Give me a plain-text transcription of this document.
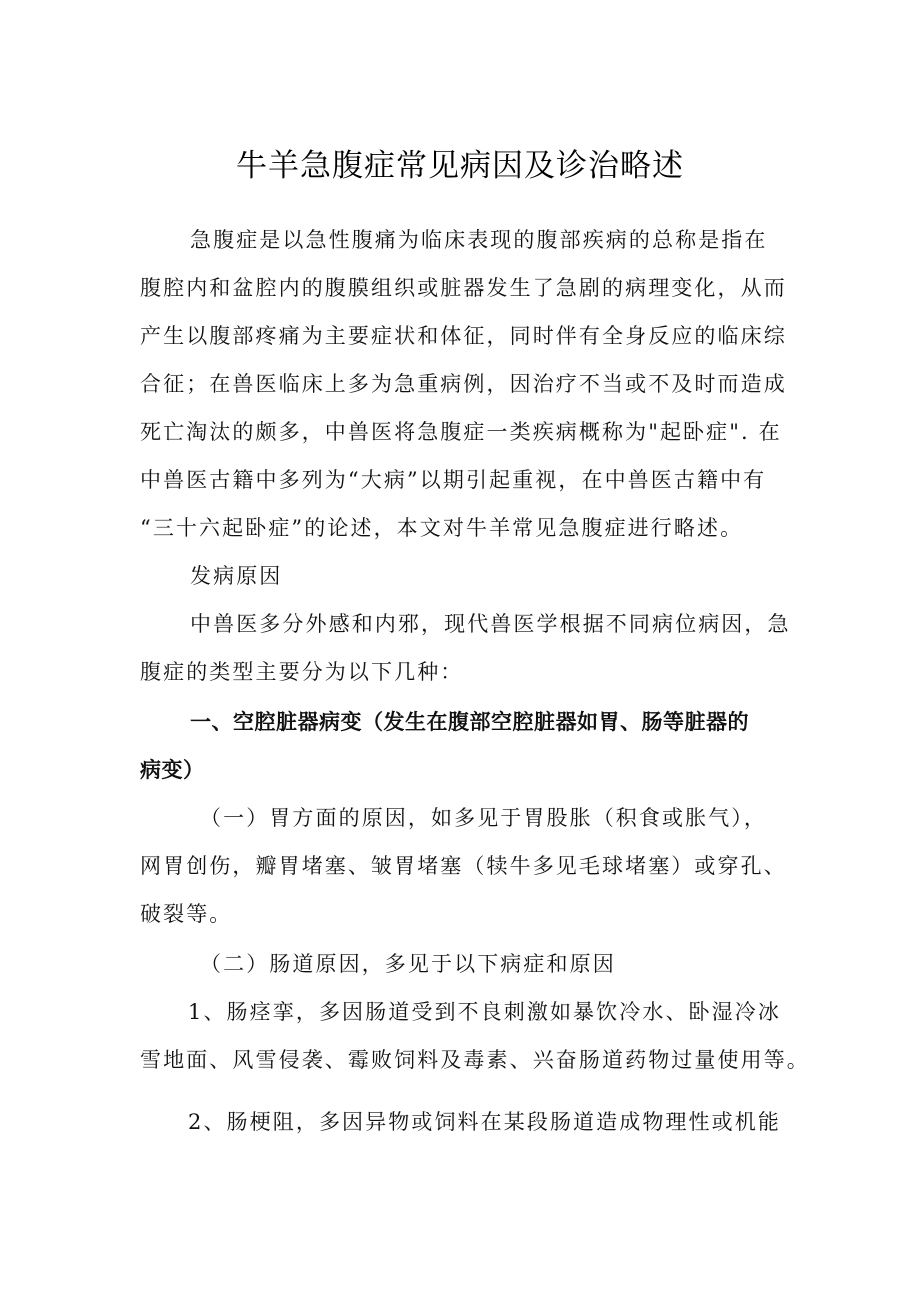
牛羊急腹症常见病因及诊治略述
急腹症是以急性腹痛为临床表现的腹部疾病的总称是指在
腹腔内和盆腔内的腹膜组织或脏器发生了急剧的病理变化，从而
产生以腹部疼痛为主要症状和体征，同时伴有全身反应的临床综
合征；在兽医临床上多为急重病例，因治疗不当或不及时而造成
死亡淘汰的颇多，中兽医将急腹症一类疾病概称为"起卧症". 在
中兽医古籍中多列为“大病”以期引起重视，在中兽医古籍中有
“三十六起卧症”的论述，本文对牛羊常见急腹症进行略述。
发病原因
中兽医多分外感和内邪，现代兽医学根据不同病位病因，急
腹症的类型主要分为以下几种：
一、空腔脏器病变（发生在腹部空腔脏器如胃、肠等脏器的
病变）
（一）胃方面的原因，如多见于胃股胀（积食或胀气），
网胃创伤，瓣胃堵塞、皱胃堵塞（犊牛多见毛球堵塞）或穿孔、
破裂等。
（二）肠道原因，多见于以下病症和原因
1、肠痉挛，多因肠道受到不良刺激如暴饮冷水、卧湿冷冰
雪地面、风雪侵袭、霉败饲料及毒素、兴奋肠道药物过量使用等。
2、肠梗阻，多因异物或饲料在某段肠道造成物理性或机能
